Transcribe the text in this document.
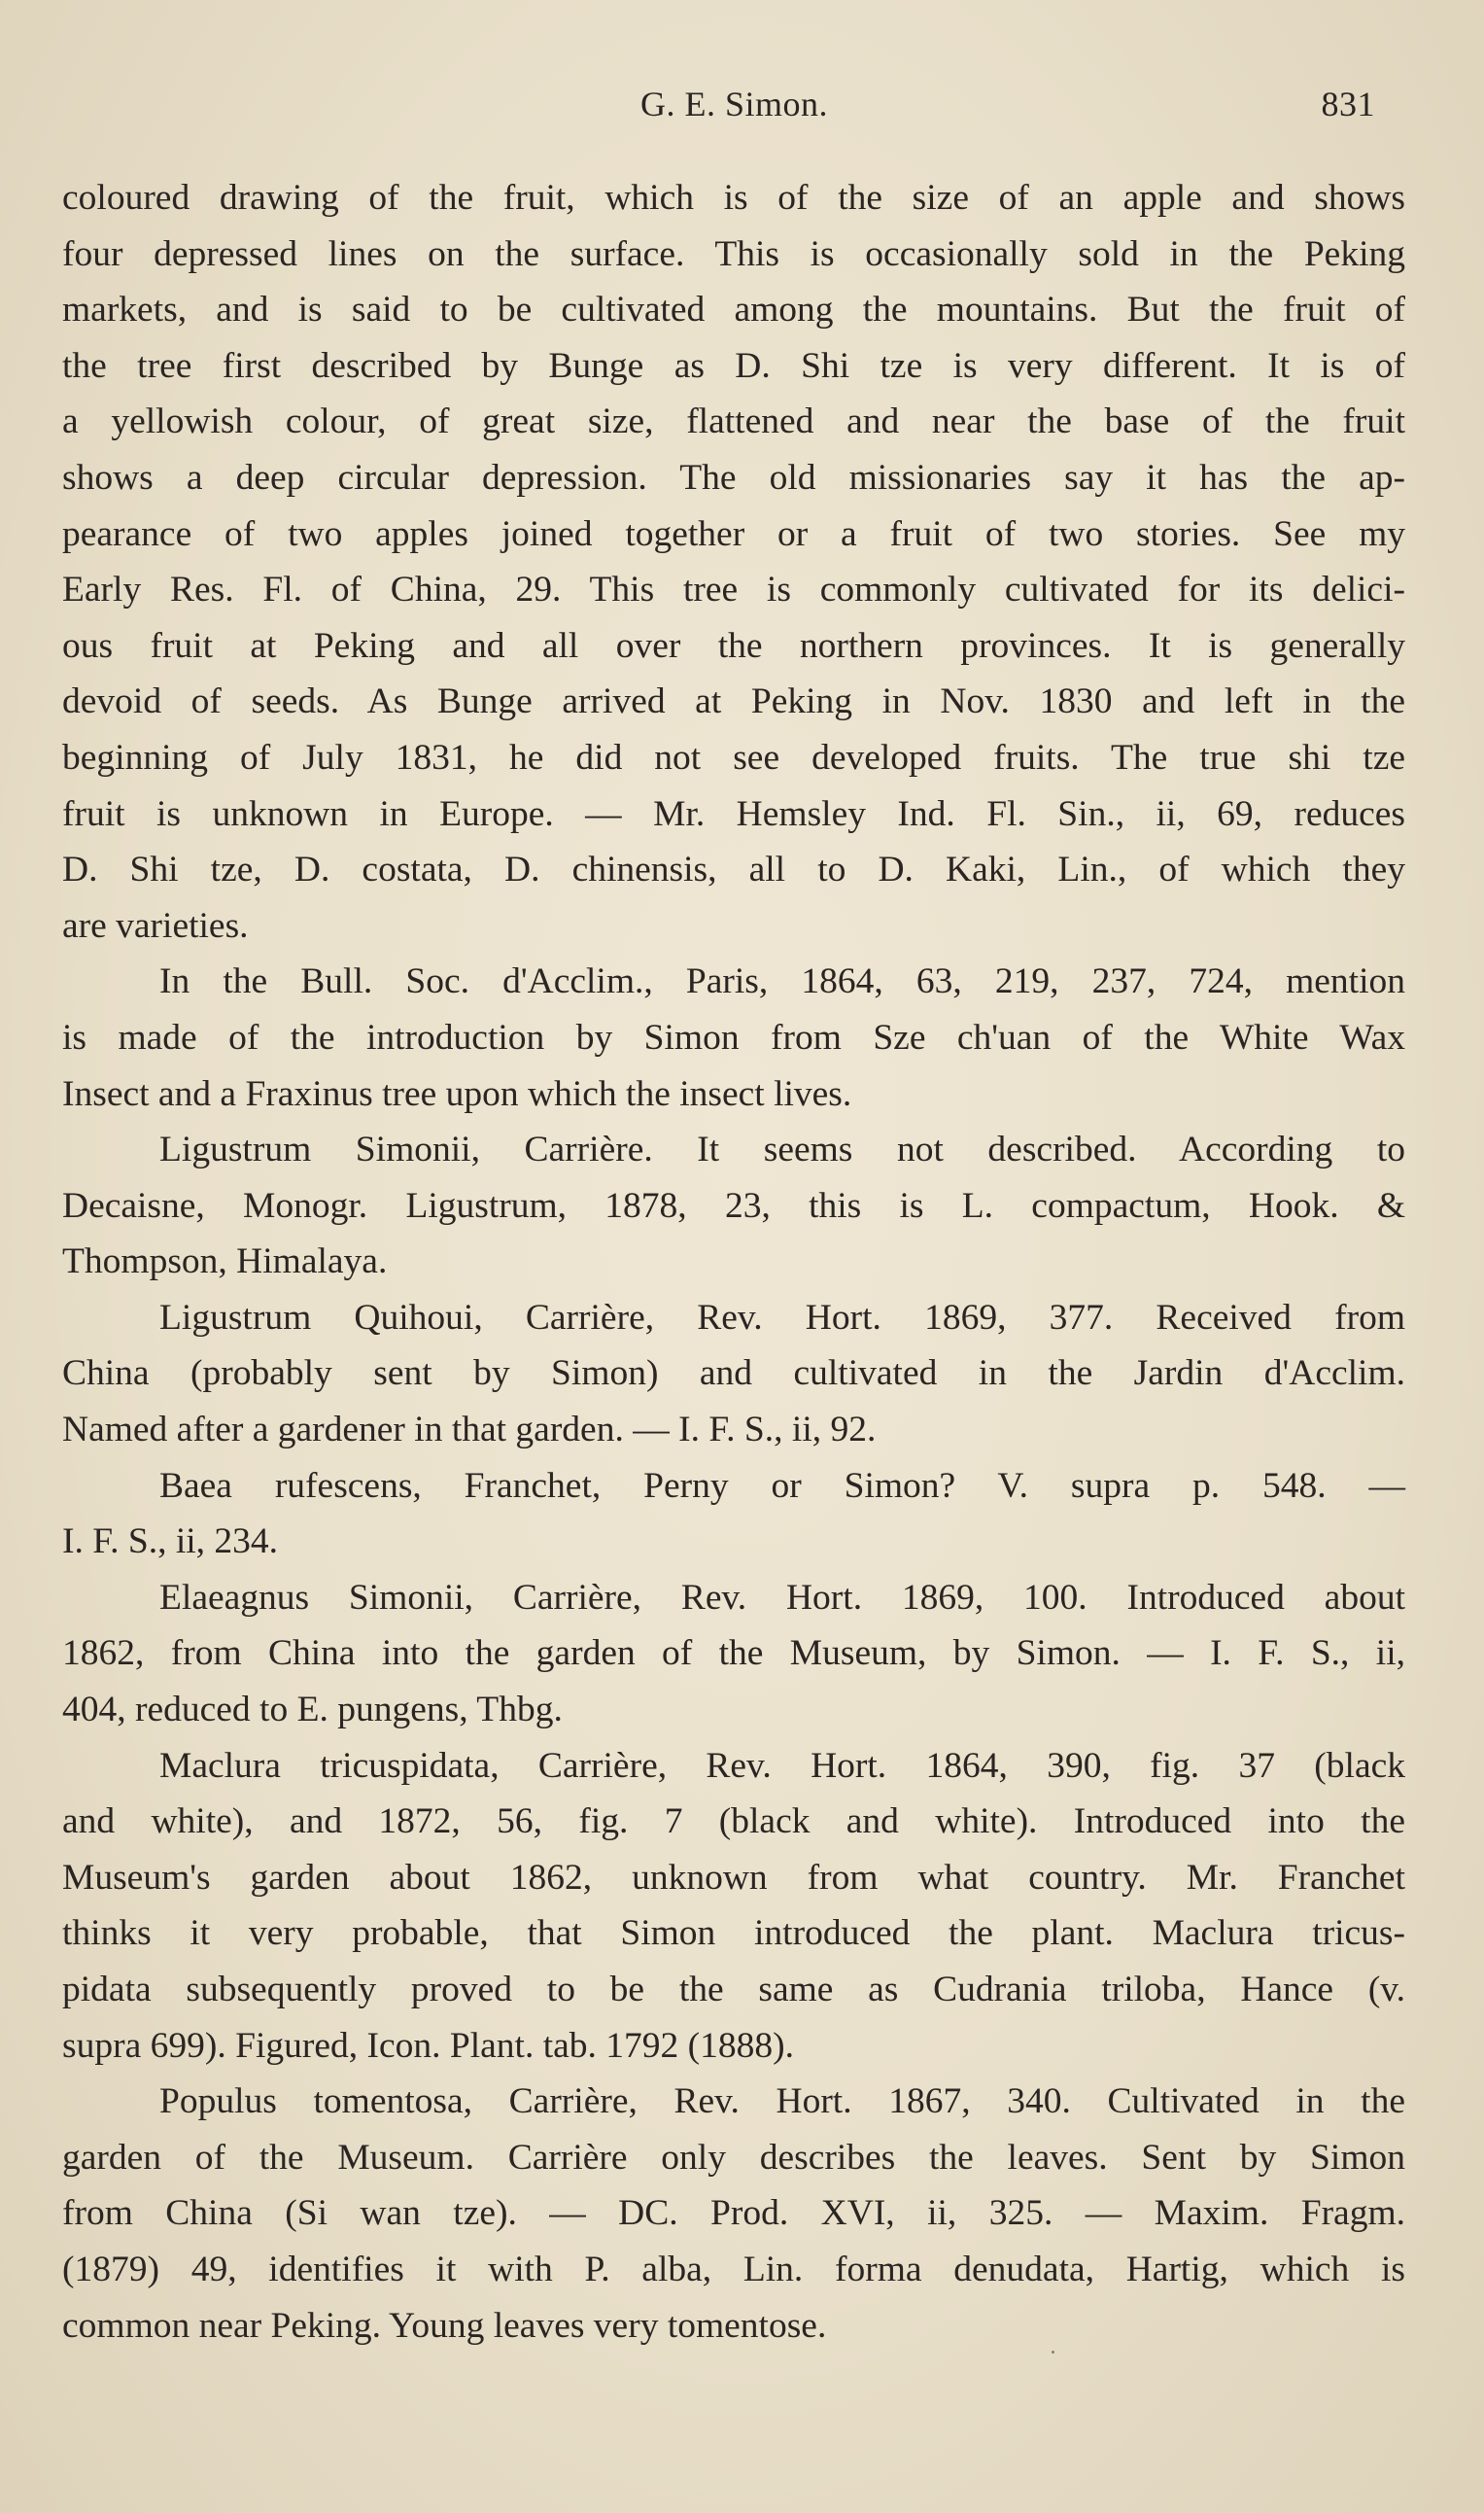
G. E. Simon.	831
coloured drawing of the fruit, which is of the size of an apple and shows
four depressed lines on the surface. This is occasionally sold in the Peking
markets, and is said to be cultivated among the mountains. But the fruit of
the tree first described by Bunge as D. Shi tze is very different. It is of
a yellowish colour, of great size, flattened and near the base of the fruit
shows a deep circular depression. The old missionaries say it has the ap-
pearance of two apples joined together or a fruit of two stories. See my
Early Res. Fl. of China, 29. This tree is commonly cultivated for its delici-
ous fruit at Peking and all over the northern provinces. It is generally
devoid of seeds. As Bunge arrived at Peking in Nov. 1830 and left in the
beginning of July 1831, he did not see developed fruits. The true shi tze
fruit is unknown in Europe. — Mr. Hemsley Ind. Fl. Sin., ii, 69, reduces
D. Shi tze, D. costata, D. chinensis, all to D. Kaki, Lin., of which they
are varieties.
In the Bull. Soc. d'Acclim., Paris, 1864, 63, 219, 237, 724, mention
is made of the introduction by Simon from Sze ch'uan of the White Wax
Insect and a Fraxinus tree upon which the insect lives.
Ligustrum Simonii, Carrière. It seems not described. According to
Decaisne, Monogr. Ligustrum, 1878, 23, this is L. compactum, Hook. &
Thompson, Himalaya.
Ligustrum Quihoui, Carrière, Rev. Hort. 1869, 377. Received from
China (probably sent by Simon) and cultivated in the Jardin d'Acclim.
Named after a gardener in that garden. — I. F. S., ii, 92.
Baea rufescens, Franchet, Perny or Simon? V. supra p. 548. —
I. F. S., ii, 234.
Elaeagnus Simonii, Carrière, Rev. Hort. 1869, 100. Introduced about
1862, from China into the garden of the Museum, by Simon. — I. F. S., ii,
404, reduced to E. pungens, Thbg.
Maclura tricuspidata, Carrière, Rev. Hort. 1864, 390, fig. 37 (black
and white), and 1872, 56, fig. 7 (black and white). Introduced into the
Museum's garden about 1862, unknown from what country. Mr. Franchet
thinks it very probable, that Simon introduced the plant. Maclura tricus-
pidata subsequently proved to be the same as Cudrania triloba, Hance (v.
supra 699). Figured, Icon. Plant. tab. 1792 (1888).
Populus tomentosa, Carrière, Rev. Hort. 1867, 340. Cultivated in the
garden of the Museum. Carrière only describes the leaves. Sent by Simon
from China (Si wan tze). — DC. Prod. XVI, ii, 325. — Maxim. Fragm.
(1879) 49, identifies it with P. alba, Lin. forma denudata, Hartig, which is
common near Peking. Young leaves very tomentose.
